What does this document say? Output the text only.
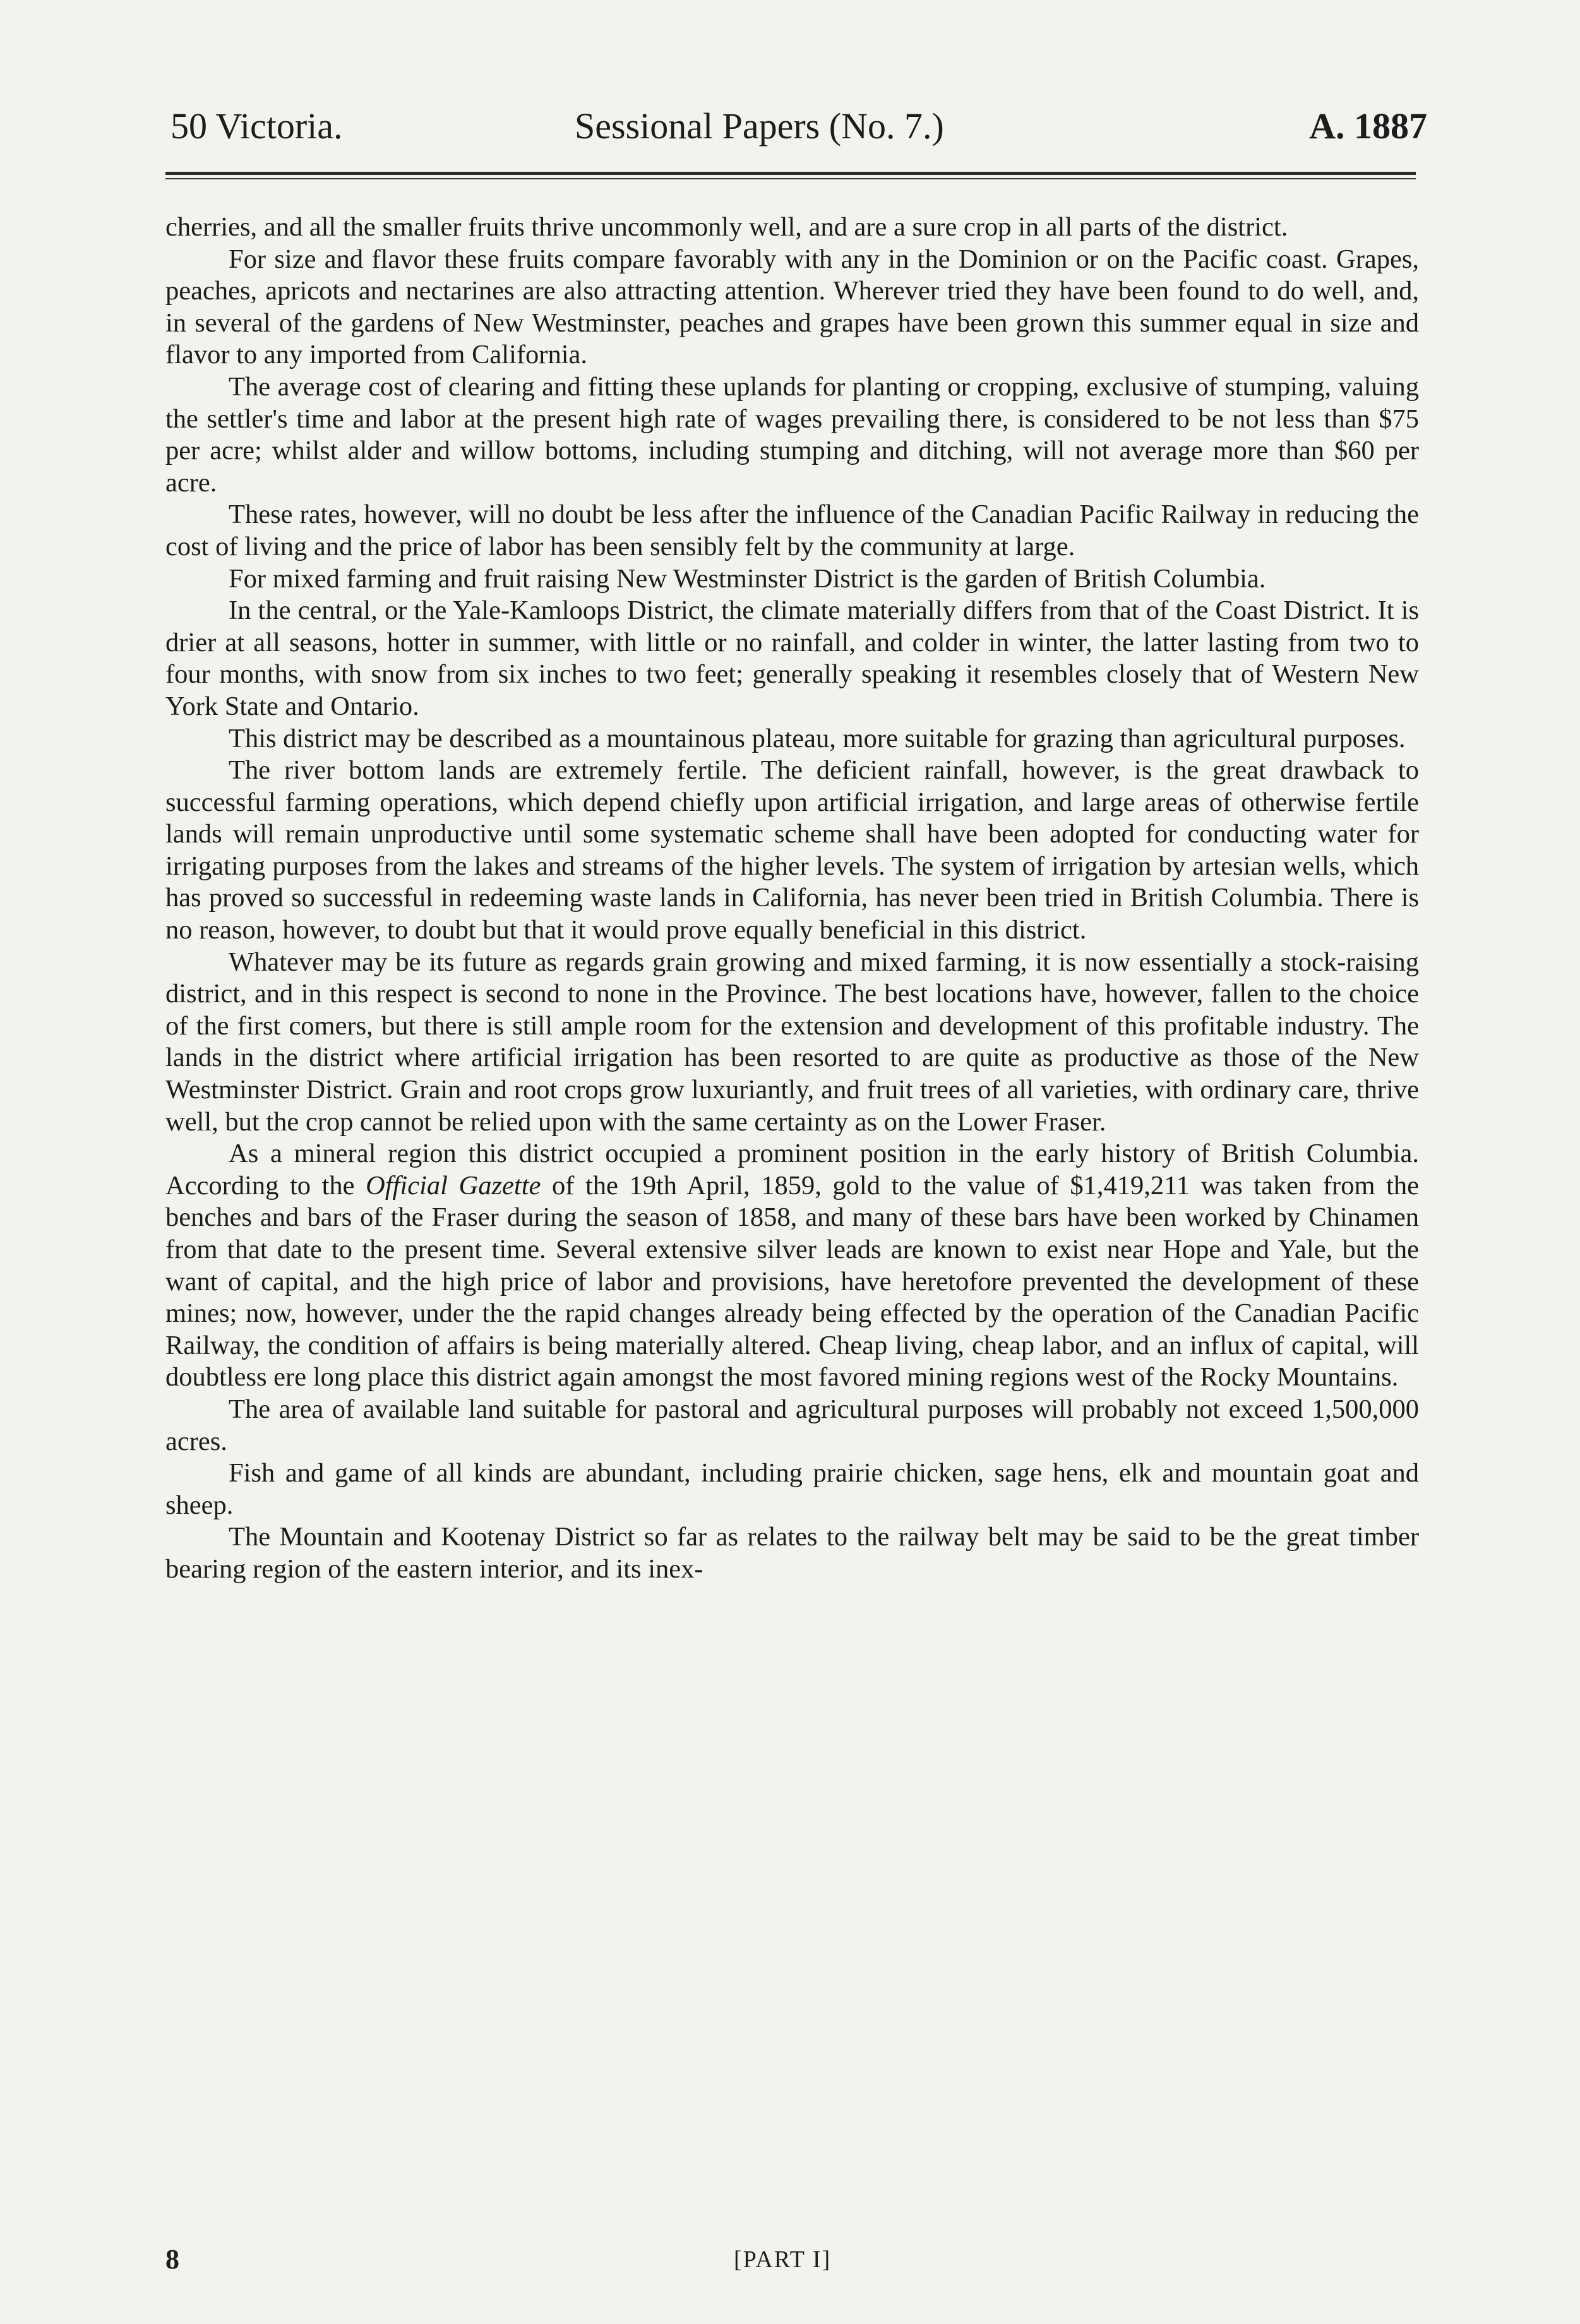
50 Victoria.	Sessional Papers (No. 7.)	A. 1887

cherries, and all the smaller fruits thrive uncommonly well, and are a sure crop in all parts of the district.

For size and flavor these fruits compare favorably with any in the Dominion or on the Pacific coast. Grapes, peaches, apricots and nectarines are also attracting attention. Wherever tried they have been found to do well, and, in several of the gardens of New Westminster, peaches and grapes have been grown this summer equal in size and flavor to any imported from California.

The average cost of clearing and fitting these uplands for planting or cropping, exclusive of stumping, valuing the settler's time and labor at the present high rate of wages prevailing there, is considered to be not less than $75 per acre; whilst alder and willow bottoms, including stumping and ditching, will not average more than $60 per acre.

These rates, however, will no doubt be less after the influence of the Canadian Pacific Railway in reducing the cost of living and the price of labor has been sensibly felt by the community at large.

For mixed farming and fruit raising New Westminster District is the garden of British Columbia.

In the central, or the Yale-Kamloops District, the climate materially differs from that of the Coast District. It is drier at all seasons, hotter in summer, with little or no rainfall, and colder in winter, the latter lasting from two to four months, with snow from six inches to two feet; generally speaking it resembles closely that of Western New York State and Ontario.

This district may be described as a mountainous plateau, more suitable for grazing than agricultural purposes.

The river bottom lands are extremely fertile. The deficient rainfall, however, is the great drawback to successful farming operations, which depend chiefly upon artificial irrigation, and large areas of otherwise fertile lands will remain unproductive until some systematic scheme shall have been adopted for conducting water for irrigating purposes from the lakes and streams of the higher levels. The system of irrigation by artesian wells, which has proved so successful in redeeming waste lands in California, has never been tried in British Columbia. There is no reason, however, to doubt but that it would prove equally beneficial in this district.

Whatever may be its future as regards grain growing and mixed farming, it is now essentially a stock-raising district, and in this respect is second to none in the Province. The best locations have, however, fallen to the choice of the first comers, but there is still ample room for the extension and development of this profitable industry. The lands in the district where artificial irrigation has been resorted to are quite as productive as those of the New Westminster District. Grain and root crops grow luxuriantly, and fruit trees of all varieties, with ordinary care, thrive well, but the crop cannot be relied upon with the same certainty as on the Lower Fraser.

As a mineral region this district occupied a prominent position in the early history of British Columbia. According to the Official Gazette of the 19th April, 1859, gold to the value of $1,419,211 was taken from the benches and bars of the Fraser during the season of 1858, and many of these bars have been worked by Chinamen from that date to the present time. Several extensive silver leads are known to exist near Hope and Yale, but the want of capital, and the high price of labor and provisions, have heretofore prevented the development of these mines; now, however, under the the rapid changes already being effected by the operation of the Canadian Pacific Railway, the condition of affairs is being materially altered. Cheap living, cheap labor, and an influx of capital, will doubtless ere long place this district again amongst the most favored mining regions west of the Rocky Mountains.

The area of available land suitable for pastoral and agricultural purposes will probably not exceed 1,500,000 acres.

Fish and game of all kinds are abundant, including prairie chicken, sage hens, elk and mountain goat and sheep.

The Mountain and Kootenay District so far as relates to the railway belt may be said to be the great timber bearing region of the eastern interior, and its inex-

8	[PART I]
